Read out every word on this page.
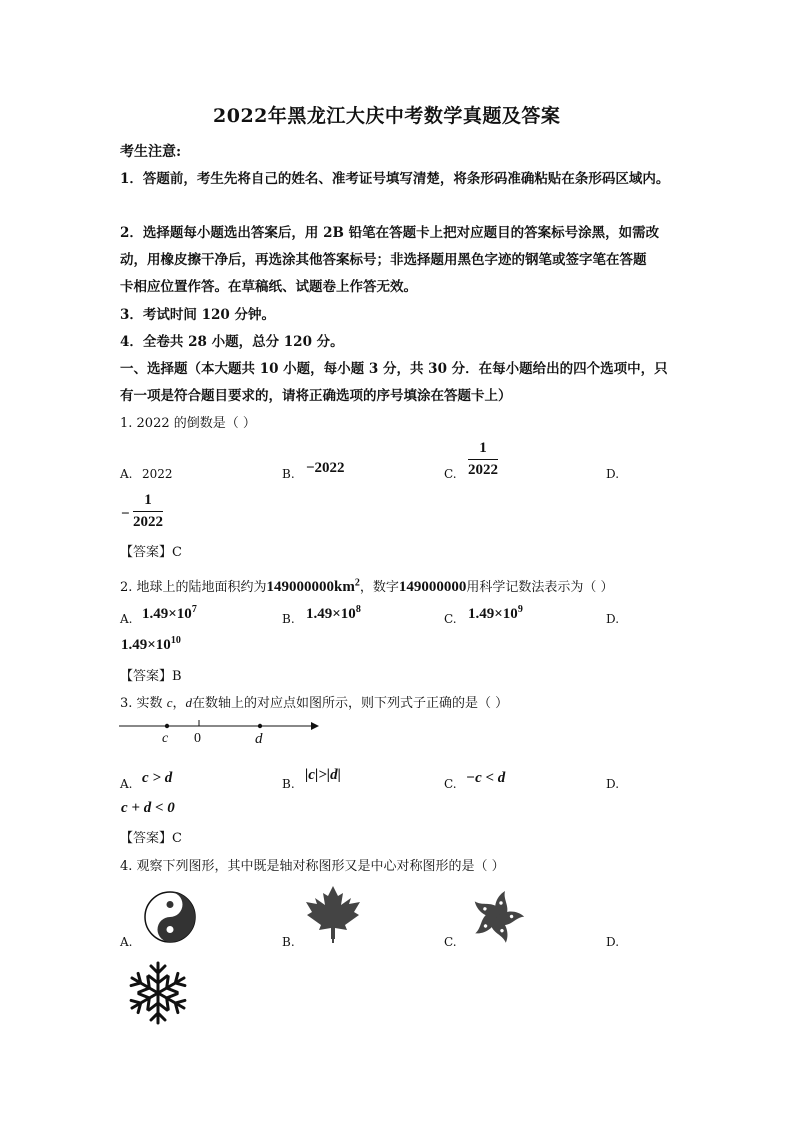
2022年黑龙江大庆中考数学真题及答案
考生注意:
1．答题前，考生先将自己的姓名、准考证号填写清楚，将条形码准确粘贴在条形码区域内。
2．选择题每小题选出答案后，用 2B 铅笔在答题卡上把对应题目的答案标号涂黑，如需改
动，用橡皮擦干净后，再选涂其他答案标号；非选择题用黑色字迹的钢笔或签字笔在答题
卡相应位置作答。在草稿纸、试题卷上作答无效。
3．考试时间 120 分钟。
4．全卷共 28 小题，总分 120 分。
一、选择题（本大题共 10 小题，每小题 3 分，共 30 分．在每小题给出的四个选项中，只
有一项是符合题目要求的，请将正确选项的序号填涂在答题卡上）
1. 2022 的倒数是（ ）
A. 2022	B. −2022	C. $\frac{1}{2022}$	D.
− $\frac{1}{2022}$
【答案】C
2. 地球上的陆地面积约为$149000000km^2$，数字149000000用科学记数法表示为（ ）
A. $1.49\times 10^7$
B. $1.49\times 10^8$
C. $1.49\times 10^9$
D.
$1.49\times 10^{10}$
【答案】B
3. 实数 c，d在数轴上的对应点如图所示，则下列式子正确的是（ ）
c 0	d
A. c > d	B.
|c|>|d|
C. −c < d	D.
c + d < 0
【答案】C
4. 观察下列图形，其中既是轴对称图形又是中心对称图形的是（ ）
A.	B.	C.	D.
